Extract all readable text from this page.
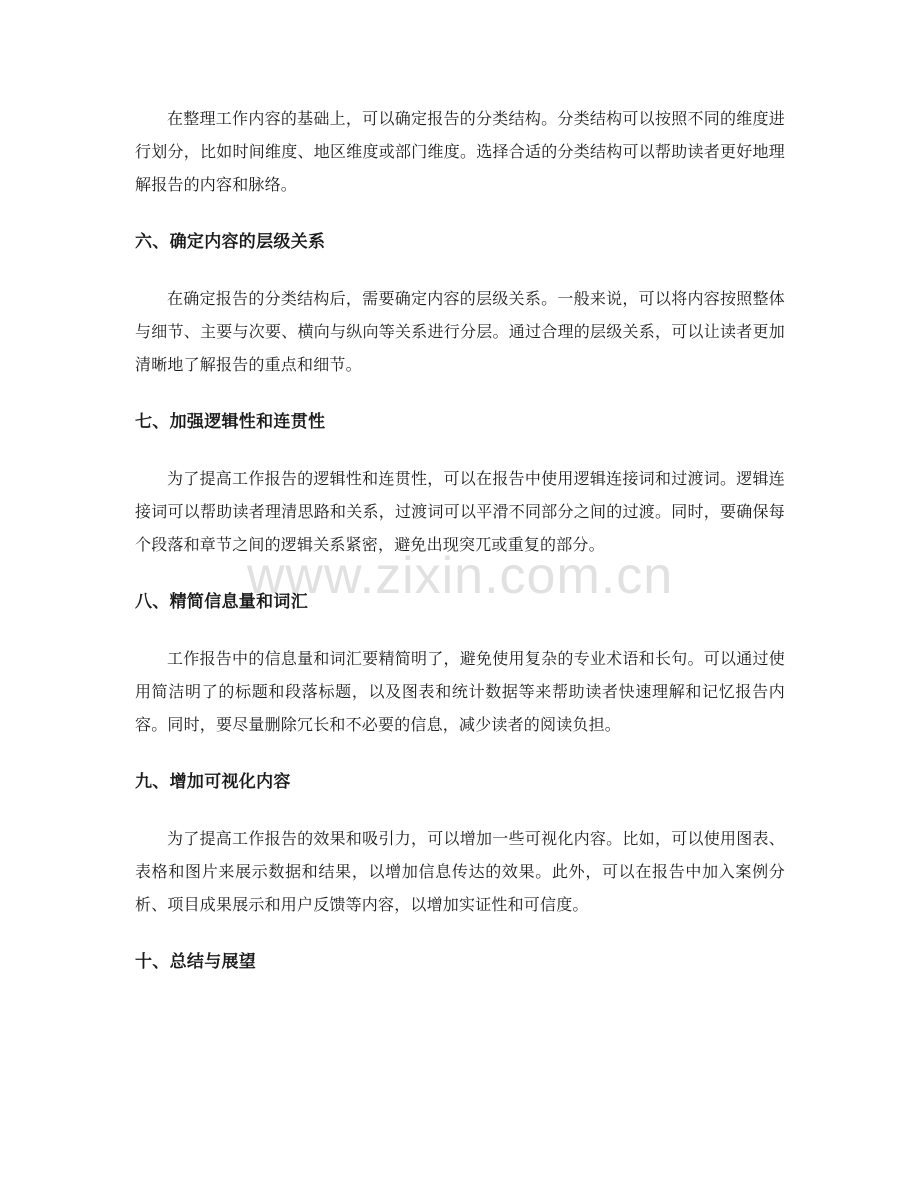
在整理工作内容的基础上，可以确定报告的分类结构。分类结构可以按照不同的维度进行划分，比如时间维度、地区维度或部门维度。选择合适的分类结构可以帮助读者更好地理解报告的内容和脉络。

六、确定内容的层级关系

在确定报告的分类结构后，需要确定内容的层级关系。一般来说，可以将内容按照整体与细节、主要与次要、横向与纵向等关系进行分层。通过合理的层级关系，可以让读者更加清晰地了解报告的重点和细节。

七、加强逻辑性和连贯性

为了提高工作报告的逻辑性和连贯性，可以在报告中使用逻辑连接词和过渡词。逻辑连接词可以帮助读者理清思路和关系，过渡词可以平滑不同部分之间的过渡。同时，要确保每个段落和章节之间的逻辑关系紧密，避免出现突兀或重复的部分。

八、精简信息量和词汇

工作报告中的信息量和词汇要精简明了，避免使用复杂的专业术语和长句。可以通过使用简洁明了的标题和段落标题，以及图表和统计数据等来帮助读者快速理解和记忆报告内容。同时，要尽量删除冗长和不必要的信息，减少读者的阅读负担。

九、增加可视化内容

为了提高工作报告的效果和吸引力，可以增加一些可视化内容。比如，可以使用图表、表格和图片来展示数据和结果，以增加信息传达的效果。此外，可以在报告中加入案例分析、项目成果展示和用户反馈等内容，以增加实证性和可信度。

十、总结与展望
www.zixin.com.cn
